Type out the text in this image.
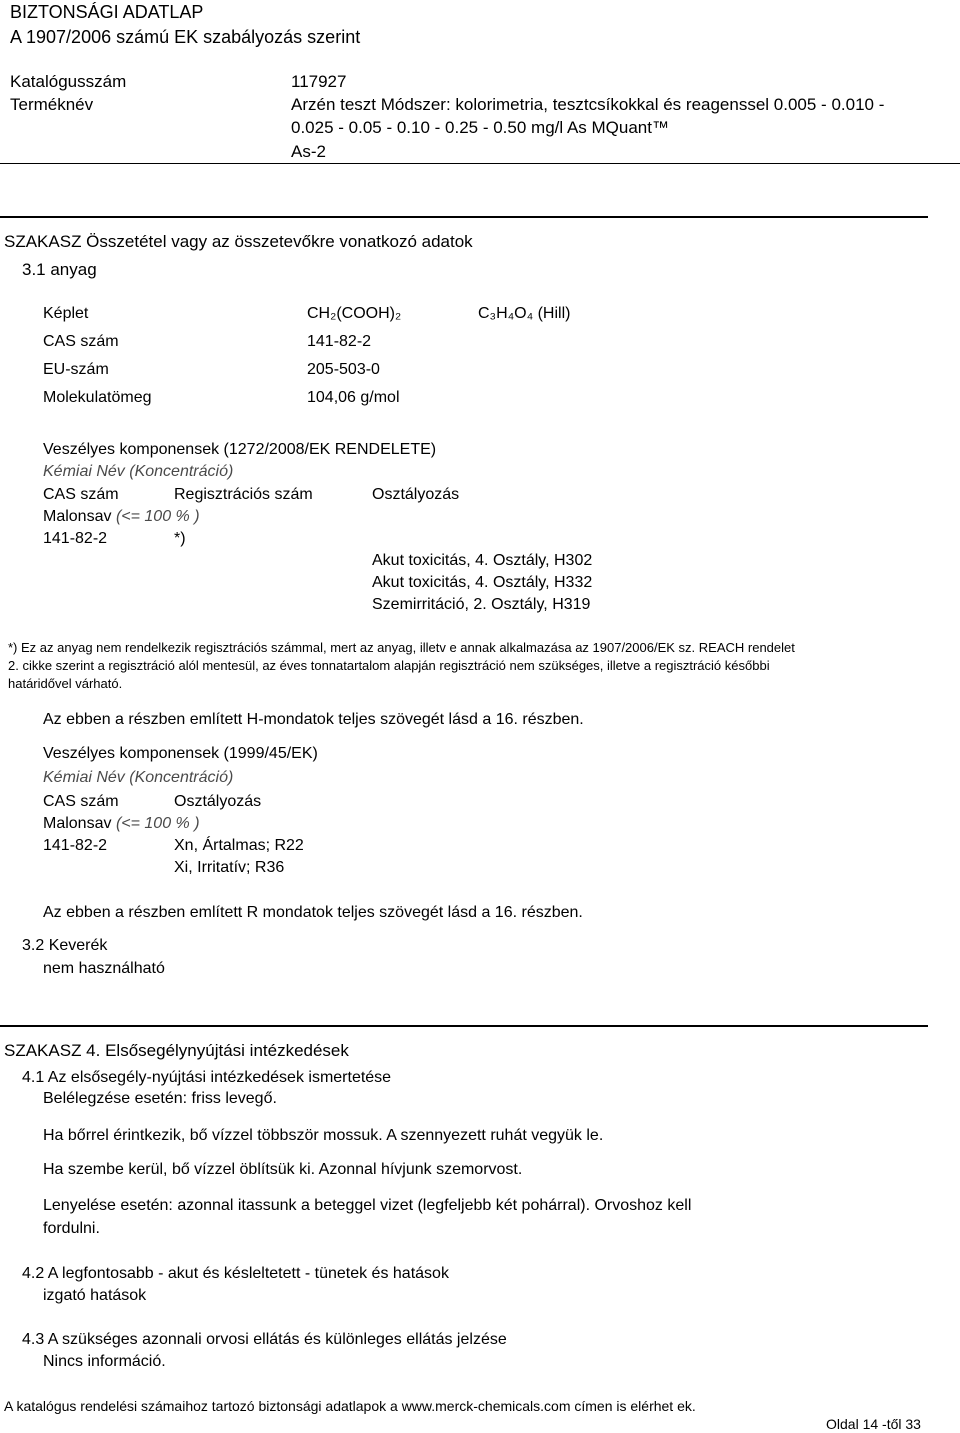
BIZTONSÁGI ADATLAP
A 1907/2006 számú EK szabályozás szerint
Katalógusszám	117927
Terméknév	Arzén teszt Módszer: kolorimetria, tesztcsíkokkal és reagenssel 0.005 - 0.010 -
0.025 - 0.05 - 0.10 - 0.25 - 0.50 mg/l As MQuant™
As-2
SZAKASZ Összetétel vagy az összetevőkre vonatkozó adatok
3.1 anyag
Képlet	CH₂(COOH)₂	C₃H₄O₄ (Hill)
CAS szám	141-82-2
EU-szám	205-503-0
Molekulatömeg	104,06 g/mol
Veszélyes komponensek (1272/2008/EK RENDELETE)
Kémiai Név (Koncentráció)
CAS szám	Regisztrációs szám	Osztályozás
Malonsav (<= 100 % )
141-82-2	*)
Akut toxicitás, 4. Osztály, H302
Akut toxicitás, 4. Osztály, H332
Szemirritáció, 2. Osztály, H319
*) Ez az anyag nem rendelkezik regisztrációs számmal, mert az anyag, illetv e annak alkalmazása az 1907/2006/EK sz. REACH rendelet
2. cikke szerint a regisztráció alól mentesül, az éves tonnatartalom alapján regisztráció nem szükséges, illetve a regisztráció későbbi
határidővel várható.
Az ebben a részben említett H-mondatok teljes szövegét lásd a 16. részben.
Veszélyes komponensek (1999/45/EK)
Kémiai Név (Koncentráció)
CAS szám	Osztályozás
Malonsav (<= 100 % )
141-82-2	Xn, Ártalmas; R22
Xi, Irritatív; R36
Az ebben a részben említett R mondatok teljes szövegét lásd a 16. részben.
3.2 Keverék
nem használható
SZAKASZ 4. Elsősegélynyújtási intézkedések
4.1 Az elsősegély-nyújtási intézkedések ismertetése
Belélegzése esetén: friss levegő.
Ha bőrrel érintkezik, bő vízzel többször mossuk. A szennyezett ruhát vegyük le.
Ha szembe kerül, bő vízzel öblítsük ki. Azonnal hívjunk szemorvost.
Lenyelése esetén: azonnal itassunk a beteggel vizet (legfeljebb két pohárral). Orvoshoz kell
fordulni.
4.2 A legfontosabb - akut és késleltetett - tünetek és hatások
izgató hatások
4.3 A szükséges azonnali orvosi ellátás és különleges ellátás jelzése
Nincs információ.
A katalógus rendelési számaihoz tartozó biztonsági adatlapok a www.merck-chemicals.com címen is elérhet ek.
Oldal 14 -től 33
